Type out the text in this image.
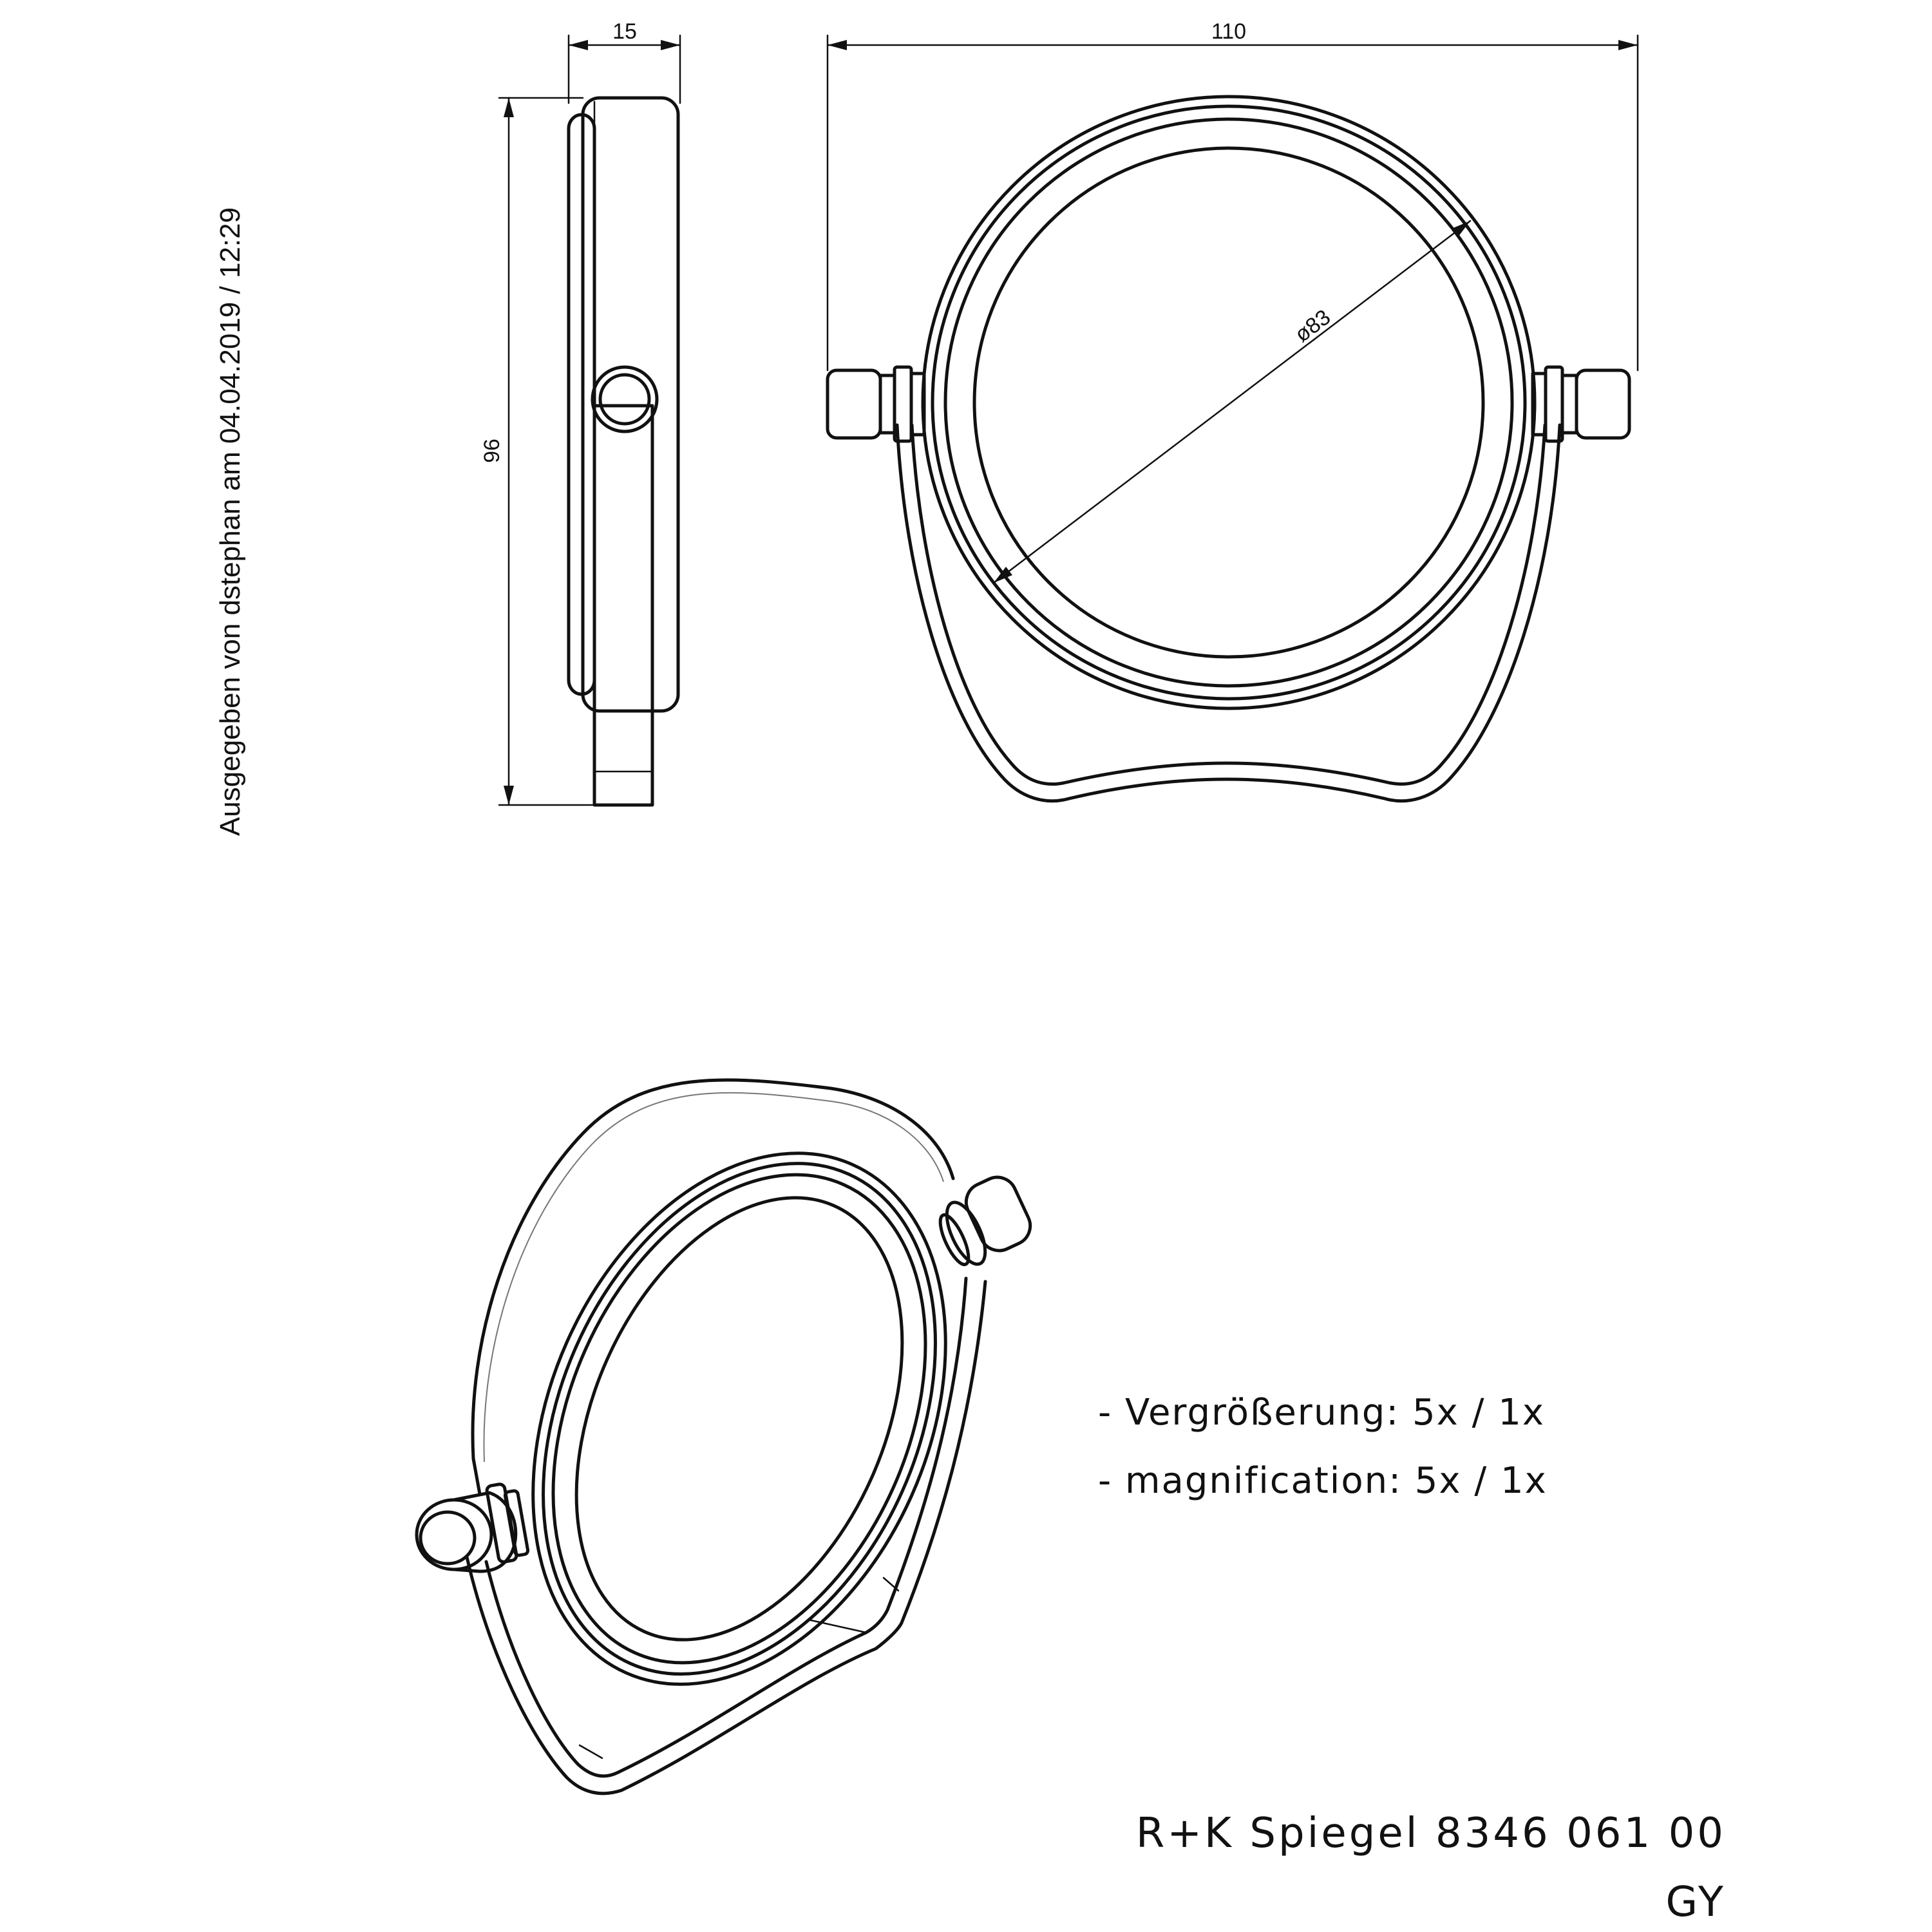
Ausgegeben von dstephan am 04.04.2019 / 12:29
15
96
ø83
110
- Vergrößerung: 5x / 1x
- magnification: 5x / 1x
R+K Spiegel 8346 061 00
GY
